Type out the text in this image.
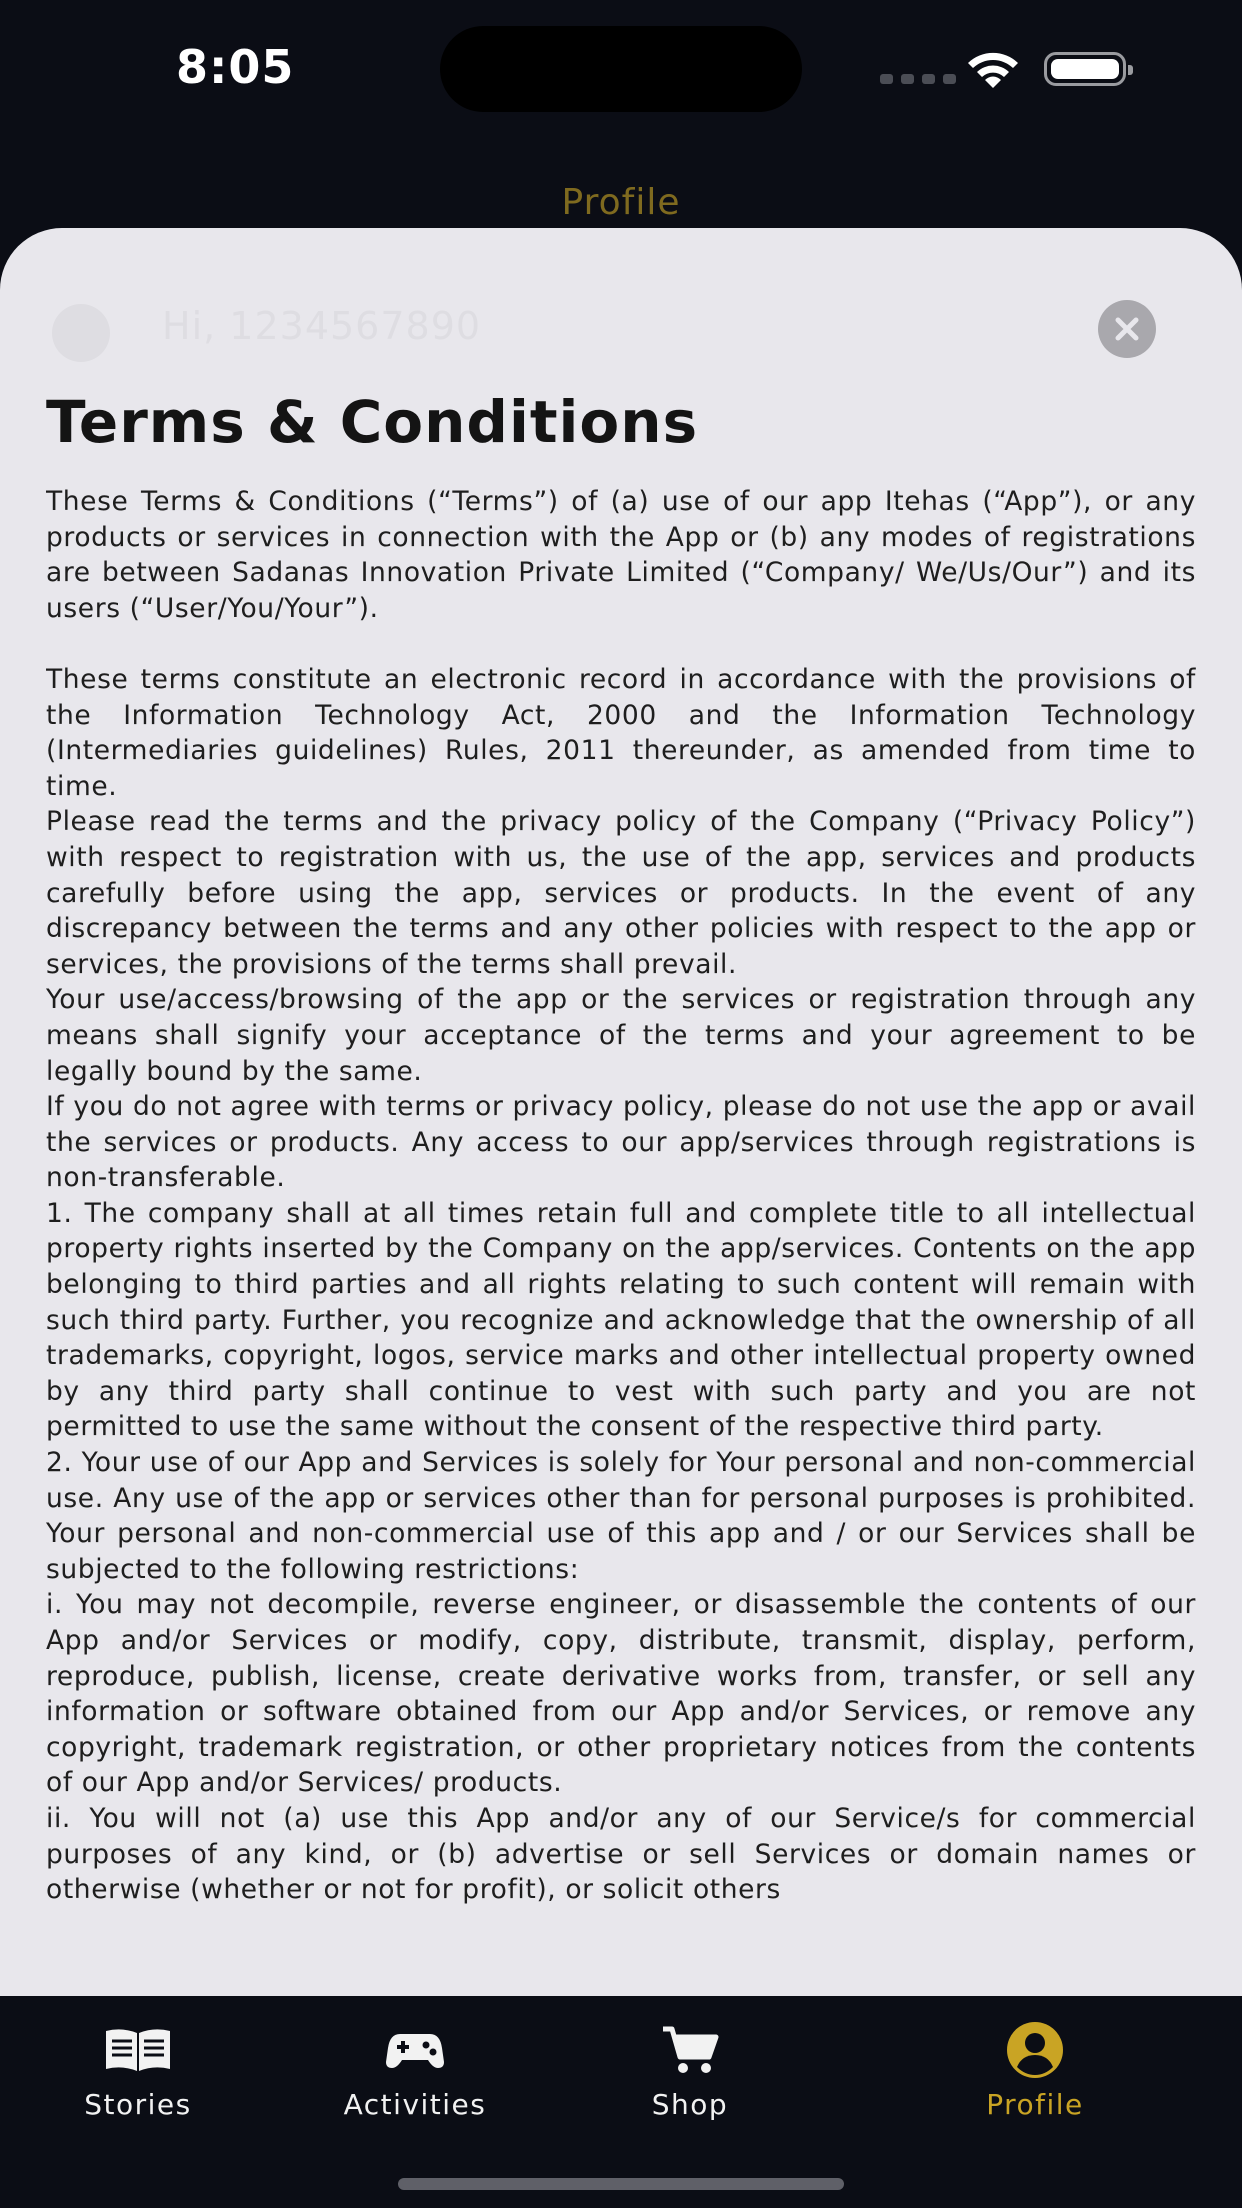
8:05
Profile
Hi, 1234567890
Terms & Conditions

These Terms & Conditions (“Terms”) of (a) use of our app Itehas (“App”), or any products or services in connection with the App or (b) any modes of registrations are between Sadanas Innovation Private Limited (“Company/ We/Us/Our”) and its users (“User/You/Your”).

These terms constitute an electronic record in accordance with the provisions of the Information Technology Act, 2000 and the Information Technology (Intermediaries guidelines) Rules, 2011 thereunder, as amended from time to time.

Please read the terms and the privacy policy of the Company (“Privacy Policy”) with respect to registration with us, the use of the app, services and products carefully before using the app, services or products. In the event of any discrepancy between the terms and any other policies with respect to the app or services, the provisions of the terms shall prevail.

Your use/access/browsing of the app or the services or registration through any means shall signify your acceptance of the terms and your agreement to be legally bound by the same.

If you do not agree with terms or privacy policy, please do not use the app or avail the services or products. Any access to our app/services through registrations is non-transferable.

1. The company shall at all times retain full and complete title to all intellectual property rights inserted by the Company on the app/services. Contents on the app belonging to third parties and all rights relating to such content will remain with such third party. Further, you recognize and acknowledge that the ownership of all trademarks, copyright, logos, service marks and other intellectual property owned by any third party shall continue to vest with such party and you are not permitted to use the same without the consent of the respective third party.

2. Your use of our App and Services is solely for Your personal and non-commercial use. Any use of the app or services other than for personal purposes is prohibited. Your personal and non-commercial use of this app and / or our Services shall be subjected to the following restrictions:

i. You may not decompile, reverse engineer, or disassemble the contents of our App and/or Services or modify, copy, distribute, transmit, display, perform, reproduce, publish, license, create derivative works from, transfer, or sell any information or software obtained from our App and/or Services, or remove any copyright, trademark registration, or other proprietary notices from the contents of our App and/or Services/ products.

ii. You will not (a) use this App and/or any of our Service/s for commercial purposes of any kind, or (b) advertise or sell Services or domain names or otherwise (whether or not for profit), or solicit others

Stories	Activities	Shop	Profile
